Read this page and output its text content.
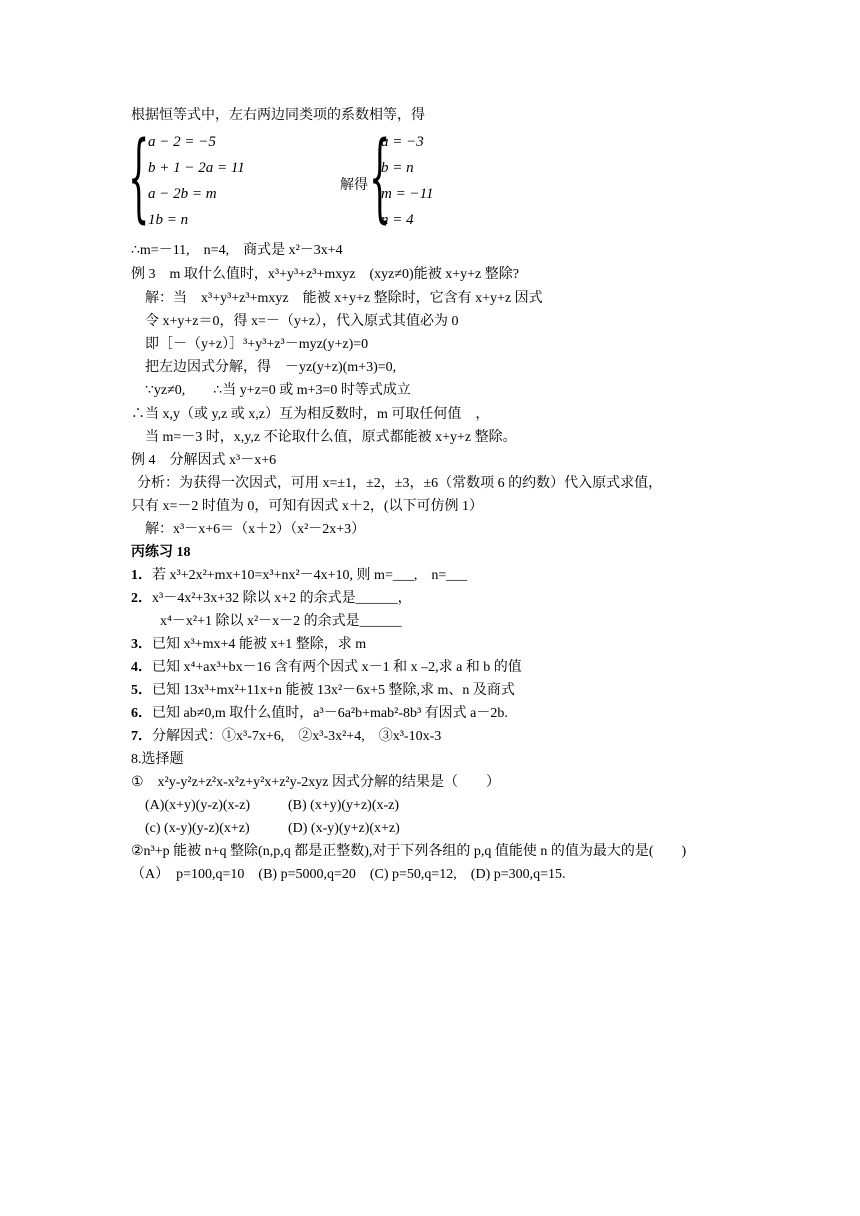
根据恒等式中，左右两边同类项的系数相等，得
{
a − 2 = −5
b + 1 − 2a = 11
a − 2b = m
1b = n
解得 {
a = −3
b = n
m = −11
n = 4
∴m=－11,　n=4,　商式是 x²－3x+4
例 3　m 取什么值时，x³+y³+z³+mxyz　(xyz≠0)能被 x+y+z 整除?
解：当　x³+y³+z³+mxyz　能被 x+y+z 整除时，它含有 x+y+z 因式
令 x+y+z＝0，得 x=－（y+z），代入原式其值必为 0
即［－（y+z）］³+y³+z³－myz(y+z)=0
把左边因式分解，得　－yz(y+z)(m+3)=0,
∵yz≠0,　　∴当 y+z=0 或 m+3=0 时等式成立
∴当 x,y（或 y,z 或 x,z）互为相反数时，m 可取任何值　，
当 m=－3 时，x,y,z 不论取什么值，原式都能被 x+y+z 整除。
例 4　分解因式 x³－x+6
分析：为获得一次因式，可用 x=±1，±2，±3，±6（常数项 6 的约数）代入原式求值，
只有 x=－2 时值为 0，可知有因式 x＋2，(以下可仿例 1）
解：x³－x+6＝（x＋2）（x²－2x+3）
丙练习 18
1．若 x³+2x²+mx+10=x³+nx²－4x+10, 则 m=___,　n=___
2．x³－4x²+3x+32 除以 x+2 的余式是______，
x⁴－x²+1 除以 x²－x－2 的余式是______
3．已知 x³+mx+4 能被 x+1 整除，求 m
4．已知 x⁴+ax³+bx－16 含有两个因式 x－1 和 x –2,求 a 和 b 的值
5．已知 13x³+mx²+11x+n 能被 13x²－6x+5 整除,求 m、n 及商式
6．已知 ab≠0,m 取什么值时，a³－6a²b+mab²-8b³ 有因式 a－2b.
7．分解因式：①x³-7x+6,　②x³-3x²+4,　③x³-10x-3
8.选择题
①　x²y-y²z+z²x-x²z+y²x+z²y-2xyz 因式分解的结果是（　　）
(A)(x+y)(y-z)(x-z)	(B) (x+y)(y+z)(x-z)
(c) (x-y)(y-z)(x+z)	(D) (x-y)(y+z)(x+z)
②n³+p 能被 n+q 整除(n,p,q 都是正整数),对于下列各组的 p,q 值能使 n 的值为最大的是(　　)
（A）　p=100,q=10　(B) p=5000,q=20　(C) p=50,q=12,　(D) p=300,q=15.
